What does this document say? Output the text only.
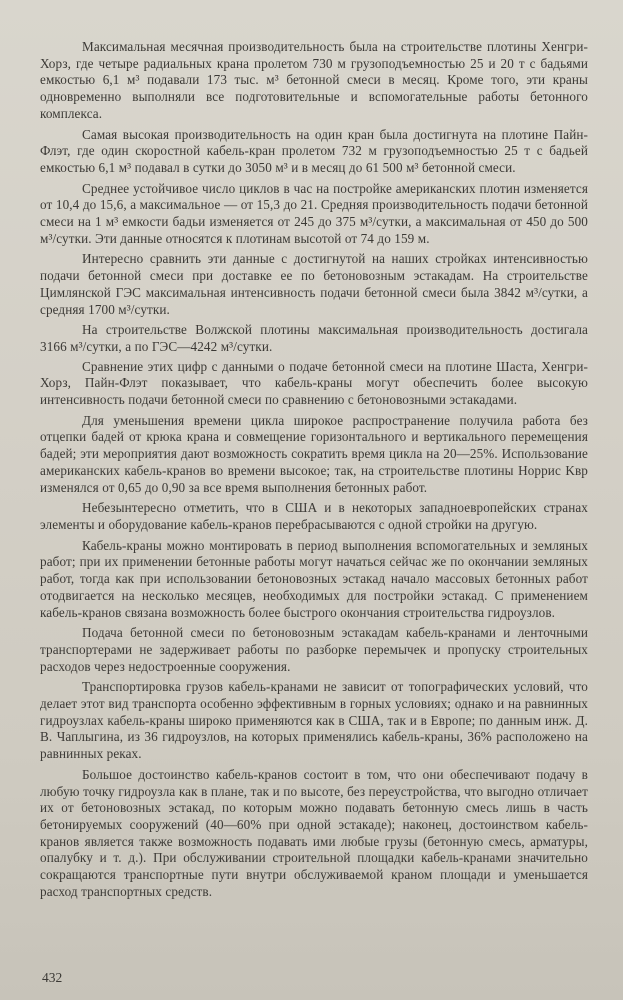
Максимальная месячная производительность была на строительстве плотины Хенгри-Хорз, где четыре радиальных крана пролетом 730 м грузоподъемностью 25 и 20 т с бадьями емкостью 6,1 м³ подавали 173 тыс. м³ бетонной смеси в месяц. Кроме того, эти краны одновременно выполняли все подготовительные и вспомогательные работы бетонного комплекса.

Самая высокая производительность на один кран была достигнута на плотине Пайн-Флэт, где один скоростной кабель-кран пролетом 732 м грузоподъемностью 25 т с бадьей емкостью 6,1 м³ подавал в сутки до 3050 м³ и в месяц до 61 500 м³ бетонной смеси.

Среднее устойчивое число циклов в час на постройке американских плотин изменяется от 10,4 до 15,6, а максимальное — от 15,3 до 21. Средняя производительность подачи бетонной смеси на 1 м³ емкости бадьи изменяется от 245 до 375 м³/сутки, а максимальная от 450 до 500 м³/сутки. Эти данные относятся к плотинам высотой от 74 до 159 м.

Интересно сравнить эти данные с достигнутой на наших стройках интенсивностью подачи бетонной смеси при доставке ее по бетоновозным эстакадам. На строительстве Цимлянской ГЭС максимальная интенсивность подачи бетонной смеси была 3842 м³/сутки, а средняя 1700 м³/сутки.

На строительстве Волжской плотины максимальная производительность достигала 3166 м³/сутки, а по ГЭС—4242 м³/сутки.

Сравнение этих цифр с данными о подаче бетонной смеси на плотине Шаста, Хенгри-Хорз, Пайн-Флэт показывает, что кабель-краны могут обеспечить более высокую интенсивность подачи бетонной смеси по сравнению с бетоновозными эстакадами.

Для уменьшения времени цикла широкое распространение получила работа без отцепки бадей от крюка крана и совмещение горизонтального и вертикального перемещения бадей; эти мероприятия дают возможность сократить время цикла на 20—25%. Использование американских кабель-кранов во времени высокое; так, на строительстве плотины Норрис Kвр изменялся от 0,65 до 0,90 за все время выполнения бетонных работ.

Небезынтересно отметить, что в США и в некоторых западноевропейских странах элементы и оборудование кабель-кранов перебрасываются с одной стройки на другую.

Кабель-краны можно монтировать в период выполнения вспомогательных и земляных работ; при их применении бетонные работы могут начаться сейчас же по окончании земляных работ, тогда как при использовании бетоновозных эстакад начало массовых бетонных работ отодвигается на несколько месяцев, необходимых для постройки эстакад. С применением кабель-кранов связана возможность более быстрого окончания строительства гидроузлов.

Подача бетонной смеси по бетоновозным эстакадам кабель-кранами и ленточными транспортерами не задерживает работы по разборке перемычек и пропуску строительных расходов через недостроенные сооружения.

Транспортировка грузов кабель-кранами не зависит от топографических условий, что делает этот вид транспорта особенно эффективным в горных условиях; однако и на равнинных гидроузлах кабель-краны широко применяются как в США, так и в Европе; по данным инж. Д. В. Чаплыгина, из 36 гидроузлов, на которых применялись кабель-краны, 36% расположено на равнинных реках.

Большое достоинство кабель-кранов состоит в том, что они обеспечивают подачу в любую точку гидроузла как в плане, так и по высоте, без переустройства, что выгодно отличает их от бетоновозных эстакад, по которым можно подавать бетонную смесь лишь в часть бетонируемых сооружений (40—60% при одной эстакаде); наконец, достоинством кабель-кранов является также возможность подавать ими любые грузы (бетонную смесь, арматуры, опалубку и т. д.). При обслуживании строительной площадки кабель-кранами значительно сокращаются транспортные пути внутри обслуживаемой краном площади и уменьшается расход транспортных средств.

432
